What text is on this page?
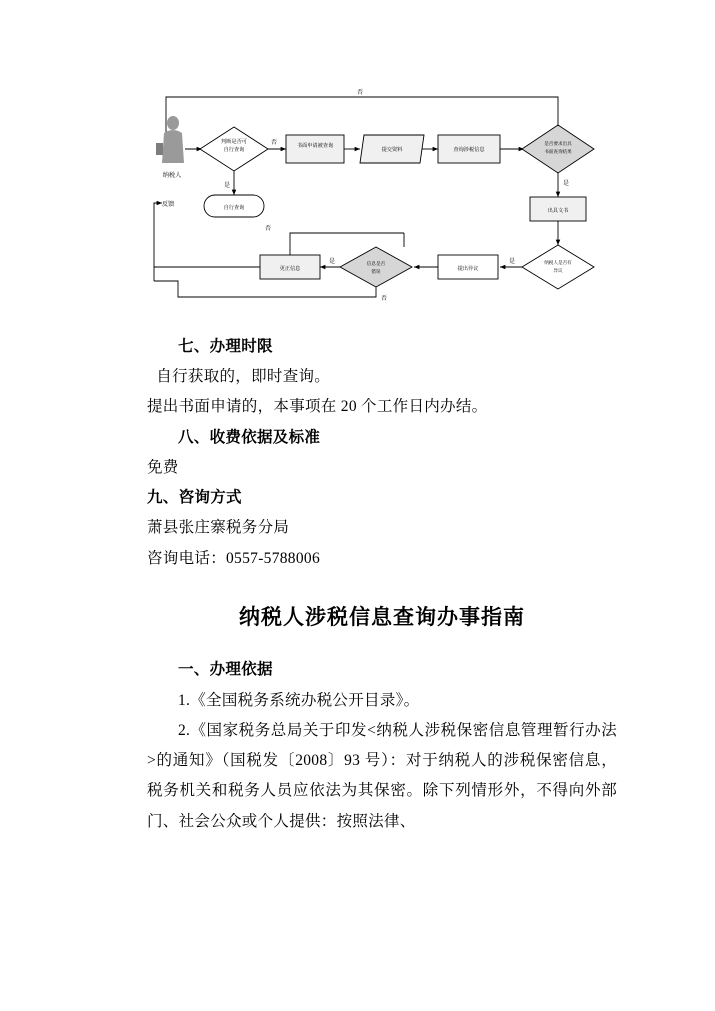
判断是否可
自行查询
否
是
书面申请被查询
提交资料	查询涉税信息
是否要求出具
书面查询结果
是
否
出具文书
自行查询
纳税人
反馈
纳税人是否有
异议
是
提出异议
信息是否
错误
是
否
更正信息
否

七、办理时限

自行获取的，即时查询。

提出书面申请的，本事项在 20 个工作日内办结。

八、收费依据及标准

免费

九、咨询方式

萧县张庄寨税务分局

咨询电话：0557-5788006

纳税人涉税信息查询办事指南

一、办理依据

1.《全国税务系统办税公开目录》。

2.《国家税务总局关于印发<纳税人涉税保密信息管理暂行办法>的通知》（国税发〔2008〕93 号）：对于纳税人的涉税保密信息，税务机关和税务人员应依法为其保密。除下列情形外，不得向外部门、社会公众或个人提供：按照法律、
